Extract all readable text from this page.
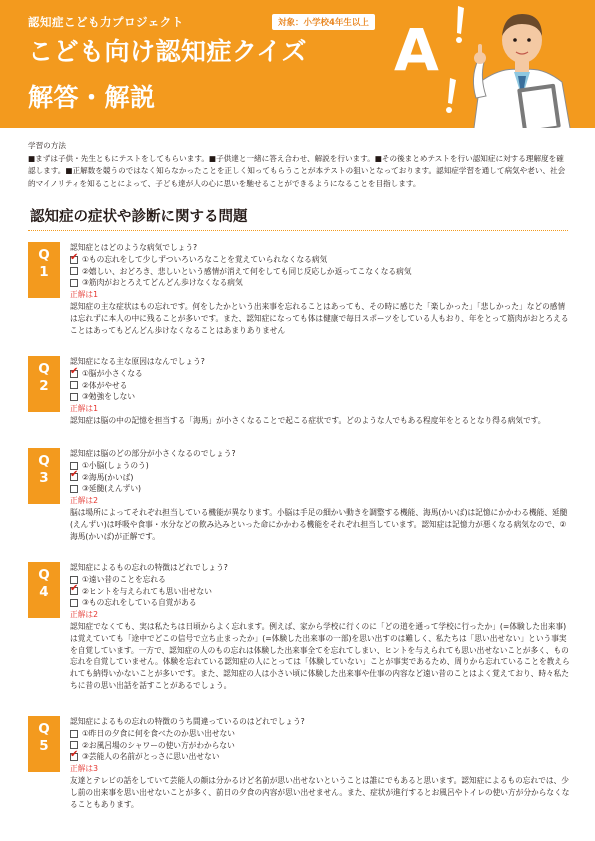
認知症こども力プロジェクト	対象：小学校4年生以上
こども向け認知症クイズ
解答・解説
A
学習の方法
■まずは子供・先生ともにテストをしてもらいます。■子供達と一緒に答え合わせ、解説を行います。■その後まとめテストを行い認知症に対する理解度を確認します。■正解数を競うのではなく知らなかったことを正しく知ってもらうことが本テストの狙いとなっております。認知症学習を通して病気や老い、社会的マイノリティを知ることによって、子ども達が人の心に思いを馳せることができるようになることを目指します。
認知症の症状や診断に関する問題
Q
1
認知症とはどのような病気でしょう?
✔
①もの忘れをして少しずついろいろなことを覚えていられなくなる病気
②嬉しい、おどろき、悲しいという感情が消えて何をしても同じ反応しか返ってこなくなる病気
③筋肉がおとろえてどんどん歩けなくなる病気
正解は1
認知症の主な症状はもの忘れです。何をしたかという出来事を忘れることはあっても、その時に感じた「楽しかった」「悲しかった」などの感情は忘れずに本人の中に残ることが多いです。また、認知症になっても体は健康で毎日スポーツをしている人もおり、年をとって筋肉がおとろえることはあってもどんどん歩けなくなることはあまりありません
Q
2
認知症になる主な原因はなんでしょう?
✔
①脳が小さくなる
②体がやせる
③勉強をしない
正解は1
認知症は脳の中の記憶を担当する「海馬」が小さくなることで起こる症状です。どのような人でもある程度年をとるとなり得る病気です。
Q
3
認知症は脳のどの部分が小さくなるのでしょう?
①小脳(しょうのう)
✔
②海馬(かいば)
③延髄(えんずい)
正解は2
脳は場所によってそれぞれ担当している機能が異なります。小脳は手足の細かい動きを調整する機能、海馬(かいば)は記憶にかかわる機能、延髄(えんずい)は呼吸や食事・水分などの飲み込みといった命にかかわる機能をそれぞれ担当しています。認知症は記憶力が悪くなる病気なので、②海馬(かいば)が正解です。
Q
4
認知症によるもの忘れの特徴はどれでしょう?
①遠い昔のことを忘れる
✔
②ヒントを与えられても思い出せない
③もの忘れをしている自覚がある
正解は2
認知症でなくても、実は私たちは日頃からよく忘れます。例えば、家から学校に行くのに「どの道を通って学校に行ったか」(=体験した出来事)は覚えていても「途中でどこの信号で立ち止まったか」(=体験した出来事の一部)を思い出すのは難しく、私たちは「思い出せない」という事実を自覚しています。一方で、認知症の人のもの忘れは体験した出来事全てを忘れてしまい、ヒントを与えられても思い出せないことが多く、もの忘れを自覚していません。体験を忘れている認知症の人にとっては「体験していない」ことが事実であるため、周りから忘れていることを教えられても納得いかないことが多いです。また、認知症の人は小さい頃に体験した出来事や仕事の内容など遠い昔のことはよく覚えており、時々私たちに昔の思い出話を話すことがあるでしょう。
Q
5
認知症によるもの忘れの特徴のうち間違っているのはどれでしょう?
①昨日の夕食に何を食べたのか思い出せない
②お風呂場のシャワーの使い方がわからない
✔
③芸能人の名前がとっさに思い出せない
正解は3
友達とテレビの話をしていて芸能人の顔は分かるけど名前が思い出せないということは誰にでもあると思います。認知症によるもの忘れでは、少し前の出来事を思い出せないことが多く、前日の夕食の内容が思い出せません。また、症状が進行するとお風呂やトイレの使い方が分からなくなることもあります。
